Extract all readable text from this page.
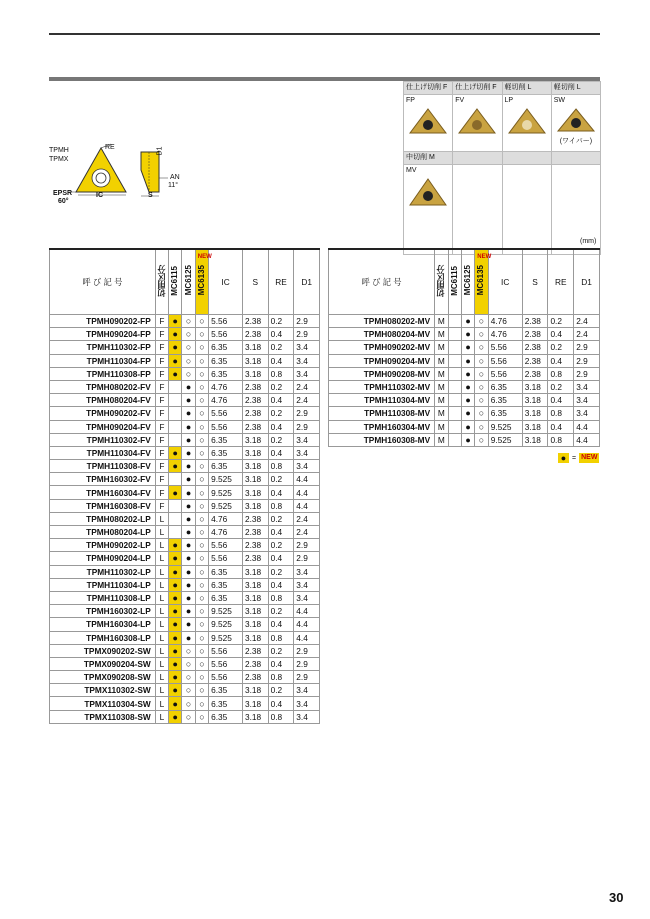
TPMH
TPMX
RE	D1
AN
11°
EPSR
60°
IC	S
仕上げ切削 F	仕上げ切削 F	軽切削 L	軽切削 L
FP	FV	LP	SW

(ワイパー)

中切削 M			
MV			

(mm)
呼 び 記 号	切削区分	MC6115	MC6125	NEW
MC6135	IC	S	RE	D1
TPMH090202-FP	F	●	○	○	5.56	2.38	0.2	2.9
TPMH090204-FP	F	●	○	○	5.56	2.38	0.4	2.9
TPMH110302-FP	F	●	○	○	6.35	3.18	0.2	3.4
TPMH110304-FP	F	●	○	○	6.35	3.18	0.4	3.4
TPMH110308-FP	F	●	○	○	6.35	3.18	0.8	3.4
TPMH080202-FV	F		●	○	4.76	2.38	0.2	2.4
TPMH080204-FV	F		●	○	4.76	2.38	0.4	2.4
TPMH090202-FV	F		●	○	5.56	2.38	0.2	2.9
TPMH090204-FV	F		●	○	5.56	2.38	0.4	2.9
TPMH110302-FV	F		●	○	6.35	3.18	0.2	3.4
TPMH110304-FV	F	●	●	○	6.35	3.18	0.4	3.4
TPMH110308-FV	F	●	●	○	6.35	3.18	0.8	3.4
TPMH160302-FV	F		●	○	9.525	3.18	0.2	4.4
TPMH160304-FV	F	●	●	○	9.525	3.18	0.4	4.4
TPMH160308-FV	F		●	○	9.525	3.18	0.8	4.4
TPMH080202-LP	L		●	○	4.76	2.38	0.2	2.4
TPMH080204-LP	L		●	○	4.76	2.38	0.4	2.4
TPMH090202-LP	L	●	●	○	5.56	2.38	0.2	2.9
TPMH090204-LP	L	●	●	○	5.56	2.38	0.4	2.9
TPMH110302-LP	L	●	●	○	6.35	3.18	0.2	3.4
TPMH110304-LP	L	●	●	○	6.35	3.18	0.4	3.4
TPMH110308-LP	L	●	●	○	6.35	3.18	0.8	3.4
TPMH160302-LP	L	●	●	○	9.525	3.18	0.2	4.4
TPMH160304-LP	L	●	●	○	9.525	3.18	0.4	4.4
TPMH160308-LP	L	●	●	○	9.525	3.18	0.8	4.4
TPMX090202-SW	L	●	○	○	5.56	2.38	0.2	2.9
TPMX090204-SW	L	●	○	○	5.56	2.38	0.4	2.9
TPMX090208-SW	L	●	○	○	5.56	2.38	0.8	2.9
TPMX110302-SW	L	●	○	○	6.35	3.18	0.2	3.4
TPMX110304-SW	L	●	○	○	6.35	3.18	0.4	3.4
TPMX110308-SW	L	●	○	○	6.35	3.18	0.8	3.4
呼 び 記 号	切削区分	MC6115	MC6125	NEW
MC6135	IC	S	RE	D1
TPMH080202-MV	M		●	○	4.76	2.38	0.2	2.4
TPMH080204-MV	M		●	○	4.76	2.38	0.4	2.4
TPMH090202-MV	M		●	○	5.56	2.38	0.2	2.9
TPMH090204-MV	M		●	○	5.56	2.38	0.4	2.9
TPMH090208-MV	M		●	○	5.56	2.38	0.8	2.9
TPMH110302-MV	M		●	○	6.35	3.18	0.2	3.4
TPMH110304-MV	M		●	○	6.35	3.18	0.4	3.4
TPMH110308-MV	M		●	○	6.35	3.18	0.8	3.4
TPMH160304-MV	M		●	○	9.525	3.18	0.4	4.4
TPMH160308-MV	M		●	○	9.525	3.18	0.8	4.4
● = NEW
30
